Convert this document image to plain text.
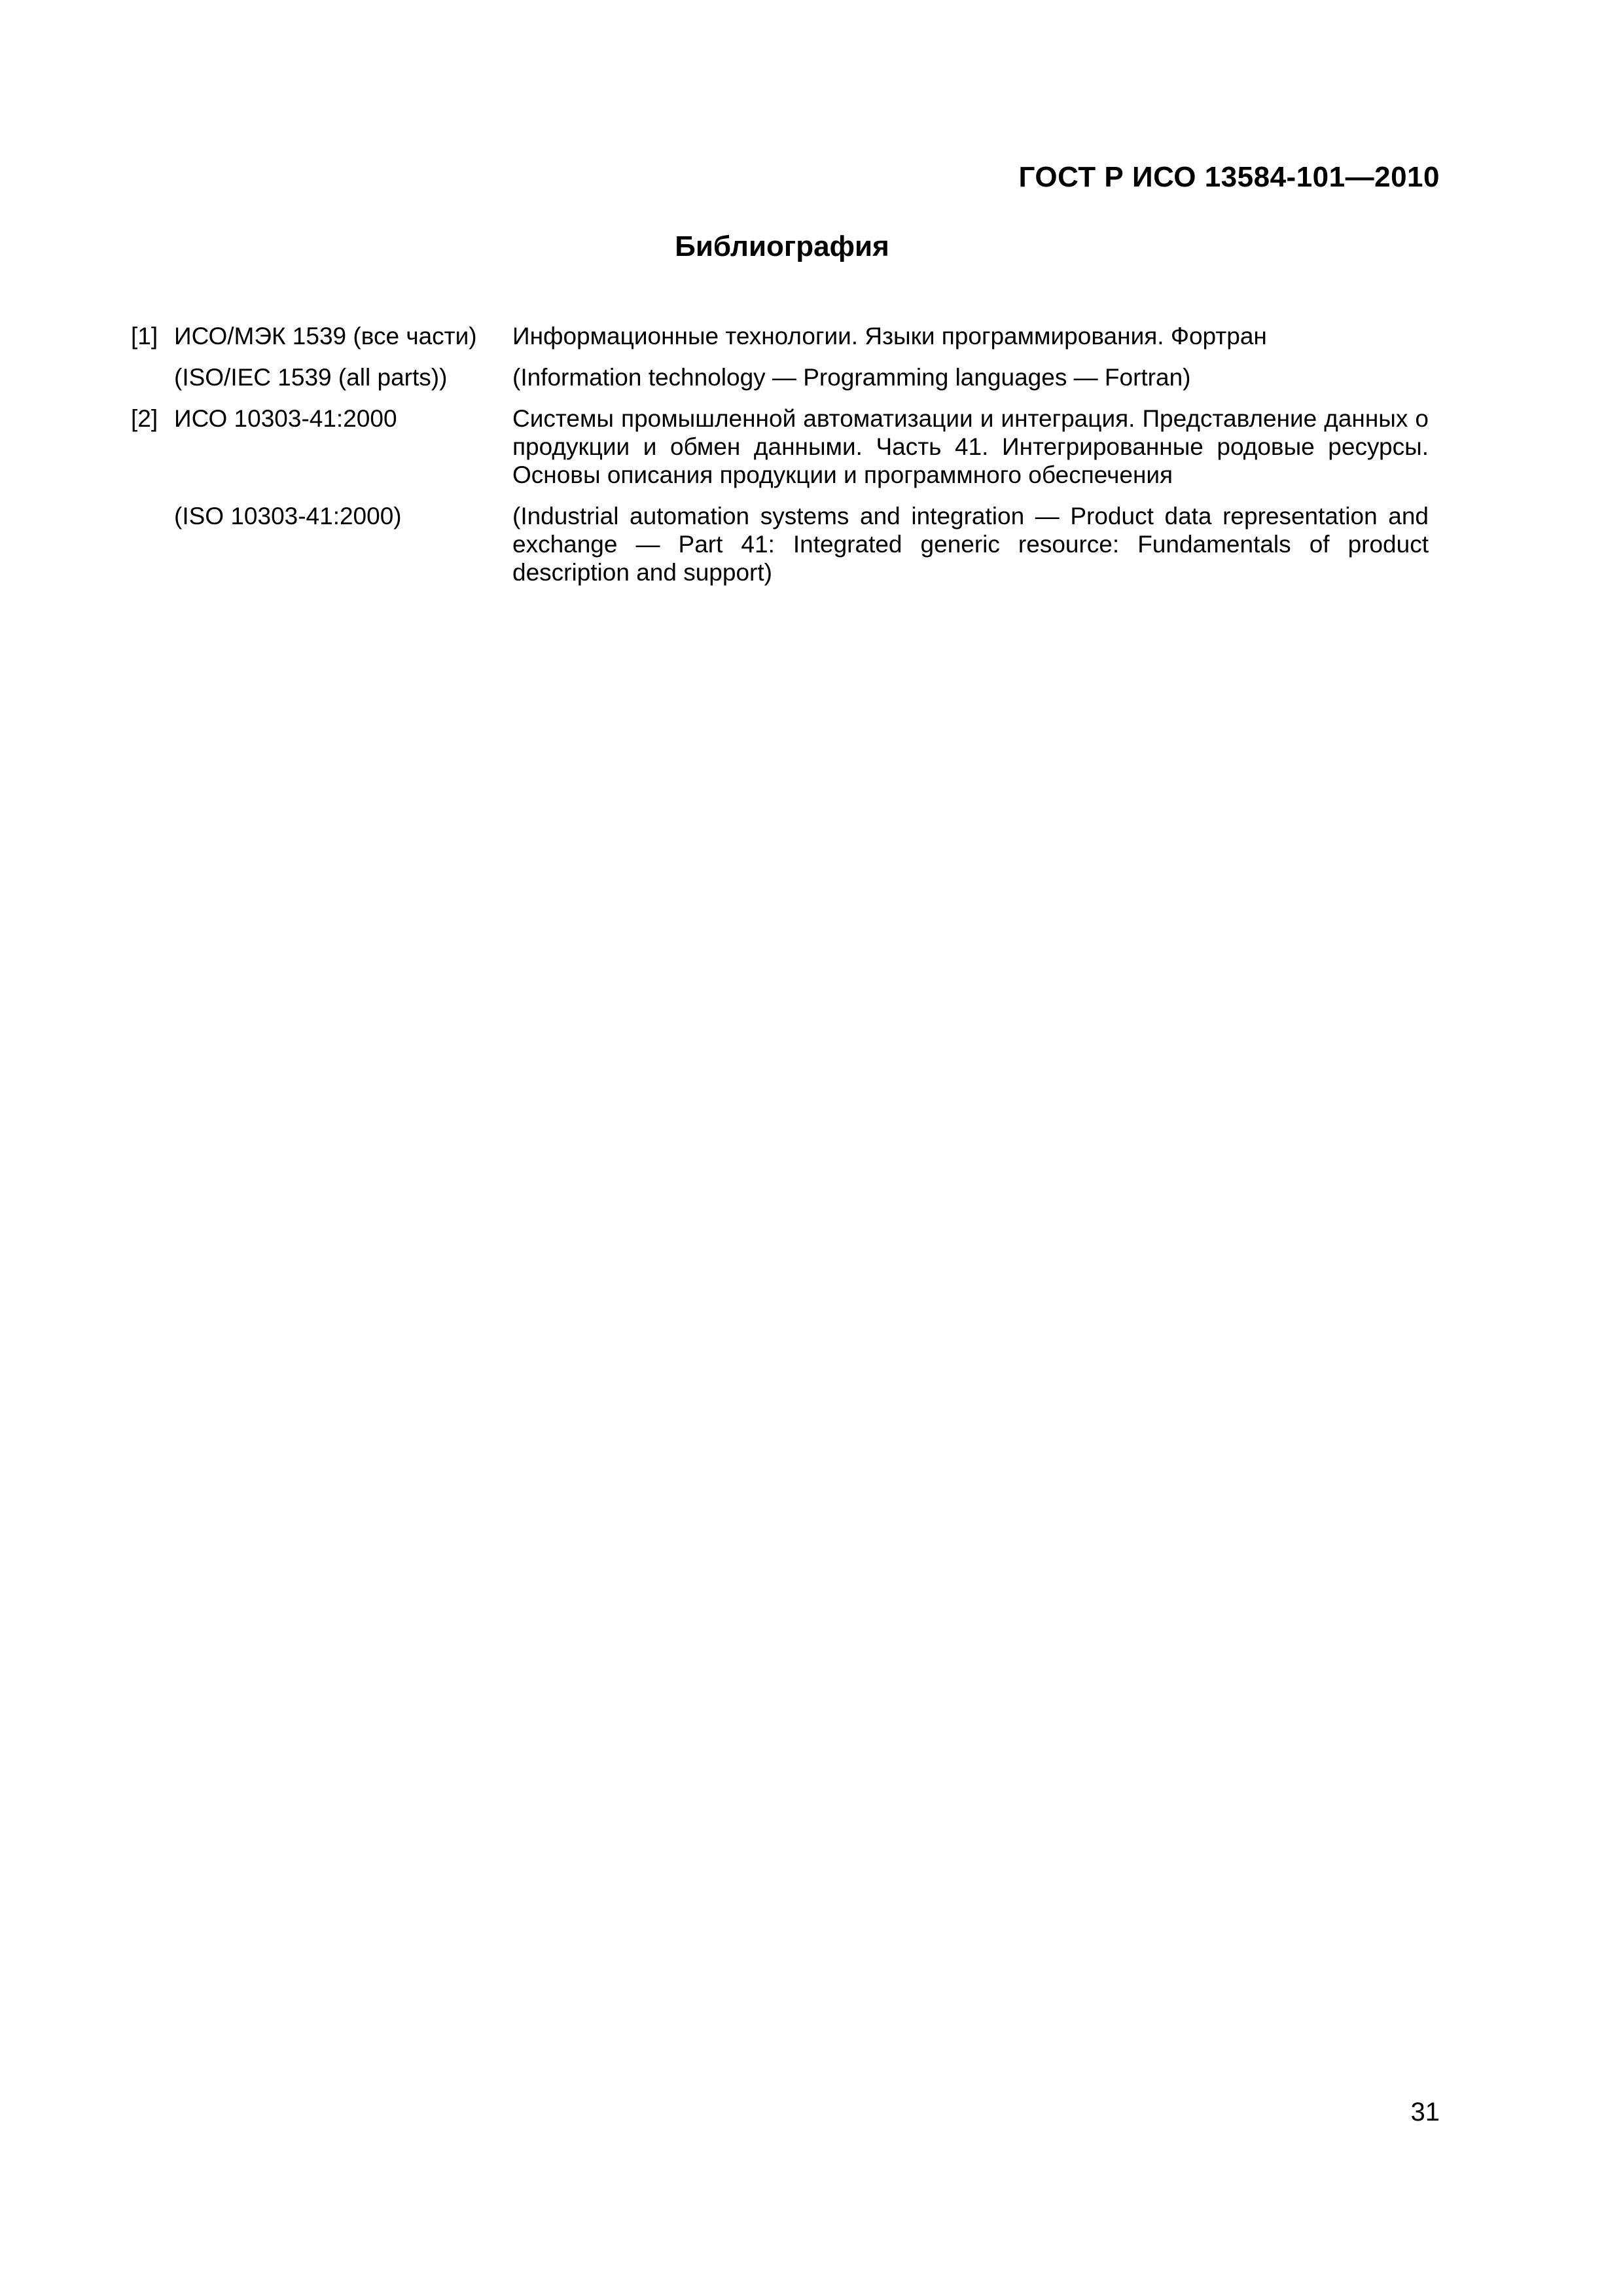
ГОСТ Р ИСО 13584-101—2010
Библиография
[1] ИСО/МЭК 1539 (все части)	Информационные технологии. Языки программирования. Фортран
(ISO/IEC 1539 (all parts))	(Information technology — Programming languages — Fortran)
[2] ИСО 10303-41:2000	Системы промышленной автоматизации и интеграция. Представление данных о продукции и обмен данными. Часть 41. Интегрированные родовые ресурсы. Основы описания продукции и программного обеспечения
(ISO 10303-41:2000)	(Industrial automation systems and integration — Product data representation and exchange — Part 41: Integrated generic resource: Fundamentals of product description and support)
31
